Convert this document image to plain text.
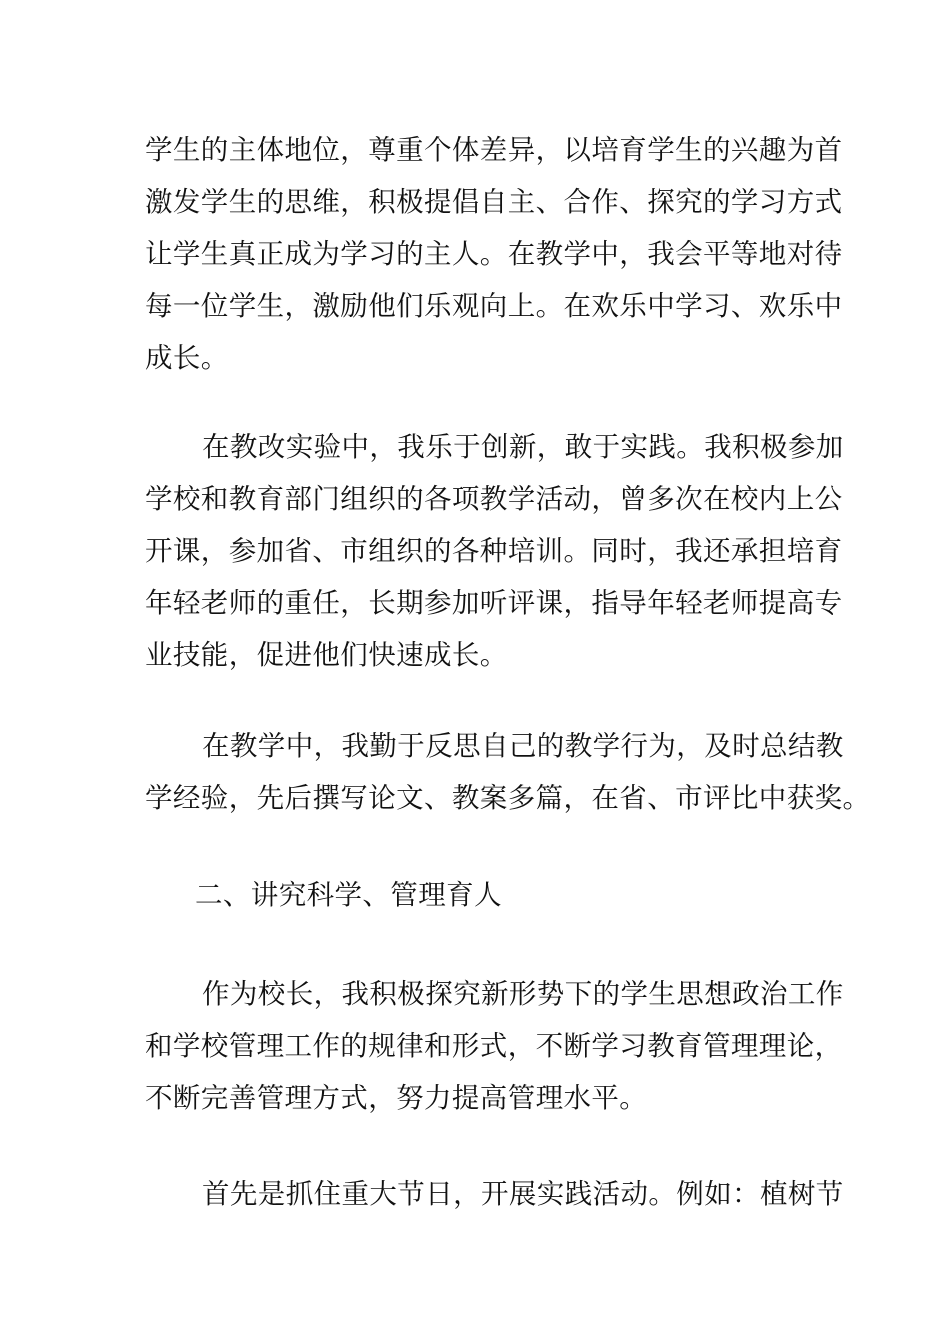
学生的主体地位，尊重个体差异，以培育学生的兴趣为首
激发学生的思维，积极提倡自主、合作、探究的学习方式
让学生真正成为学习的主人。在教学中，我会平等地对待
每一位学生，激励他们乐观向上。在欢乐中学习、欢乐中
成长。
在教改实验中，我乐于创新，敢于实践。我积极参加
学校和教育部门组织的各项教学活动，曾多次在校内上公
开课，参加省、市组织的各种培训。同时，我还承担培育
年轻老师的重任，长期参加听评课，指导年轻老师提高专
业技能，促进他们快速成长。
在教学中，我勤于反思自己的教学行为，及时总结教
学经验，先后撰写论文、教案多篇，在省、市评比中获奖。
二、讲究科学、管理育人
作为校长，我积极探究新形势下的学生思想政治工作
和学校管理工作的规律和形式，不断学习教育管理理论，
不断完善管理方式，努力提高管理水平。
首先是抓住重大节日，开展实践活动。例如：植树节
